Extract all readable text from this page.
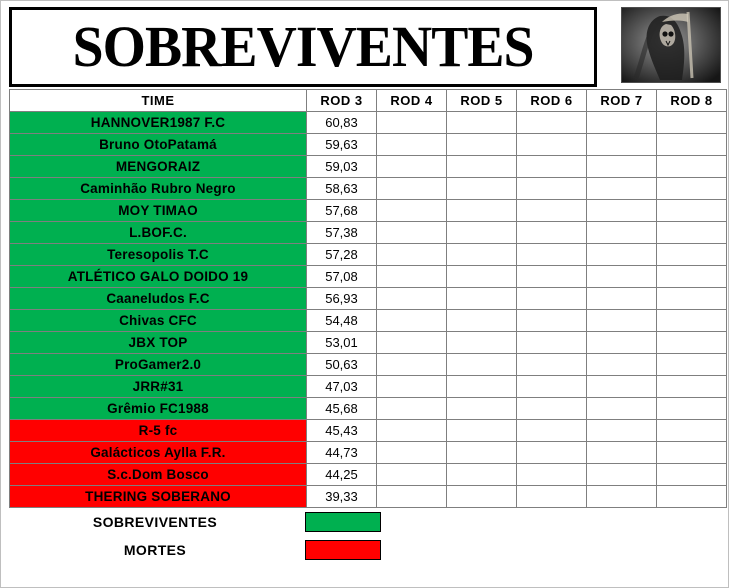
SOBREVIVENTES
TIME	ROD 3	ROD 4	ROD 5	ROD 6	ROD 7	ROD 8
HANNOVER1987 F.C	60,83					
Bruno OtoPatamá	59,63					
MENGORAIZ	59,03					
Caminhão Rubro Negro	58,63					
MOY TIMAO	57,68					
L.BOF.C.	57,38					
Teresopolis T.C	57,28					
ATLÉTICO GALO DOIDO 19	57,08					
Caaneludos F.C	56,93					
Chivas CFC	54,48					
JBX TOP	53,01					
ProGamer2.0	50,63					
JRR#31	47,03					
Grêmio FC1988	45,68					
R-5 fc	45,43					
Galácticos Aylla F.R.	44,73					
S.c.Dom Bosco	44,25					
THERING SOBERANO	39,33					
SOBREVIVENTES
MORTES
